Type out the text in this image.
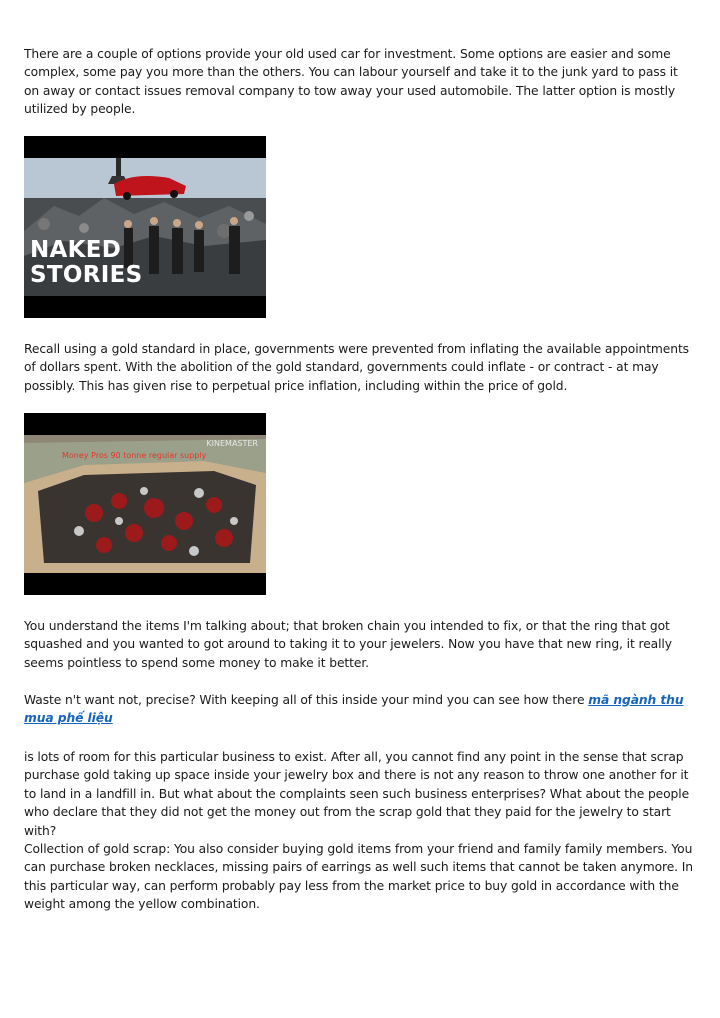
There are a couple of options provide your old used car for investment. Some options are easier and some complex, some pay you more than the others. You can labour yourself and take it to the junk yard to pass it on away or contact issues removal company to tow away your used automobile. The latter option is mostly utilized by people.

NAKED
STORIES

Recall using a gold standard in place, governments were prevented from inflating the available appointments of dollars spent. With the abolition of the gold standard, governments could inflate - or contract - at may possibly. This has given rise to perpetual price inflation, including within the price of gold.

KINEMASTER
Money Pros 90 tonne regular supply

You understand the items I'm talking about; that broken chain you intended to fix, or that the ring that got squashed and you wanted to got around to taking it to your jewelers. Now you have that new ring, it really seems pointless to spend some money to make it better.

Waste n't want not, precise? With keeping all of this inside your mind you can see how there mã ngành thu mua phế liệu

is lots of room for this particular business to exist. After all, you cannot find any point in the sense that scrap purchase gold taking up space inside your jewelry box and there is not any reason to throw one another for it to land in a landfill in. But what about the complaints seen such business enterprises? What about the people who declare that they did not get the money out from the scrap gold that they paid for the jewelry to start with?

Collection of gold scrap: You also consider buying gold items from your friend and family family members. You can purchase broken necklaces, missing pairs of earrings as well such items that cannot be taken anymore. In this particular way, can perform probably pay less from the market price to buy gold in accordance with the weight among the yellow combination.
